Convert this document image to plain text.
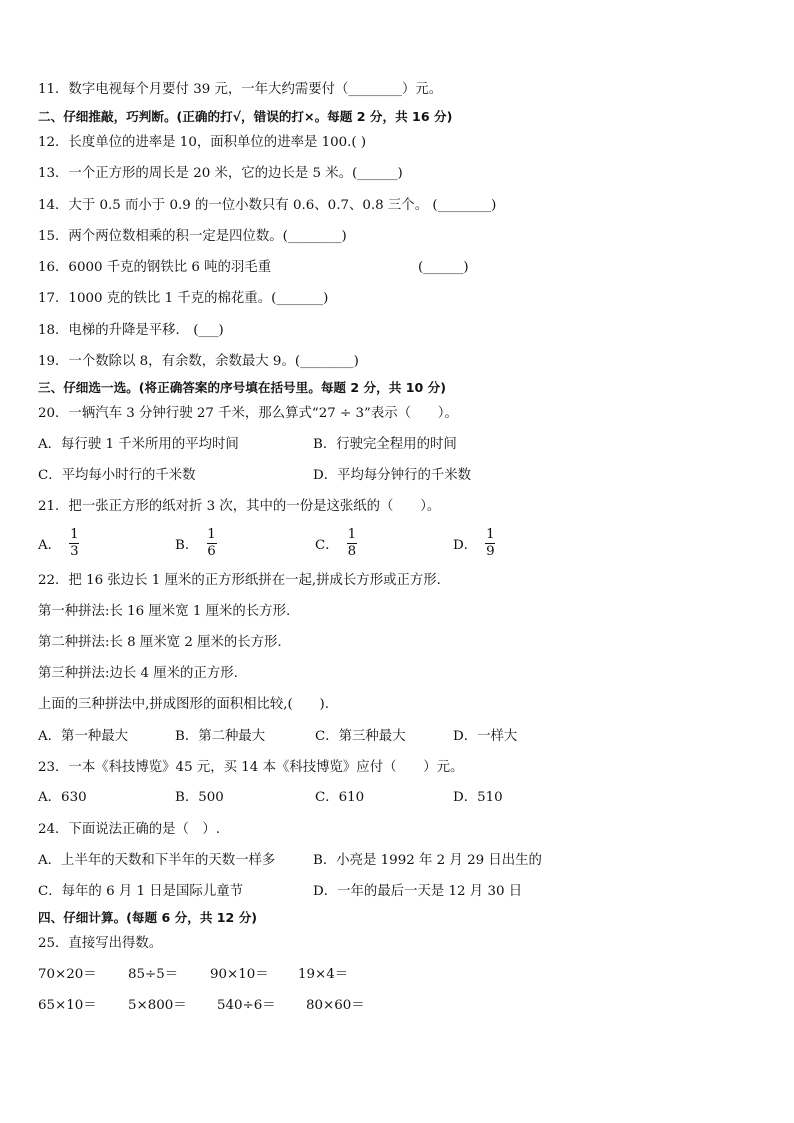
11．数字电视每个月要付 39 元，一年大约需要付（________）元。
二、仔细推敲，巧判断。(正确的打√，错误的打×。每题 2 分，共 16 分)
12．长度单位的进率是 10，面积单位的进率是 100.( )
13．一个正方形的周长是 20 米，它的边长是 5 米。(______)
14．大于 0.5 而小于 0.9 的一位小数只有 0.6、0.7、0.8 三个。 (________)
15．两个两位数相乘的积一定是四位数。(________)
16．6000 千克的钢铁比 6 吨的羽毛重	(______)
17．1000 克的铁比 1 千克的棉花重。(_______)
18．电梯的升降是平移． (___)
19．一个数除以 8，有余数，余数最大 9。(________)
三、仔细选一选。(将正确答案的序号填在括号里。每题 2 分，共 10 分)
20．一辆汽车 3 分钟行驶 27 千米，那么算式“27 ÷ 3”表示（　　）。
A．每行驶 1 千米所用的平均时间	B．行驶完全程用的时间
C．平均每小时行的千米数	D．平均每分钟行的千米数
21．把一张正方形的纸对折 3 次，其中的一份是这张纸的（　　）。
A． $\frac{1}{3}$	B． $\frac{1}{6}$	C． $\frac{1}{8}$	D． $\frac{1}{9}$
22．把 16 张边长 1 厘米的正方形纸拼在一起,拼成长方形或正方形.
第一种拼法:长 16 厘米宽 1 厘米的长方形.
第二种拼法:长 8 厘米宽 2 厘米的长方形.
第三种拼法:边长 4 厘米的正方形.
上面的三种拼法中,拼成图形的面积相比较,(　　).
A．第一种最大	B．第二种最大	C．第三种最大	D．一样大
23．一本《科技博览》45 元，买 14 本《科技博览》应付（　　）元。
A．630	B．500	C．610	D．510
24．下面说法正确的是（　）.
A．上半年的天数和下半年的天数一样多	B．小亮是 1992 年 2 月 29 日出生的
C．每年的 6 月 1 日是国际儿童节	D．一年的最后一天是 12 月 30 日
四、仔细计算。(每题 6 分，共 12 分)
25．直接写出得数。
70×20＝ 85÷5＝ 90×10＝ 19×4＝
65×10＝ 5×800＝ 540÷6＝ 80×60＝
